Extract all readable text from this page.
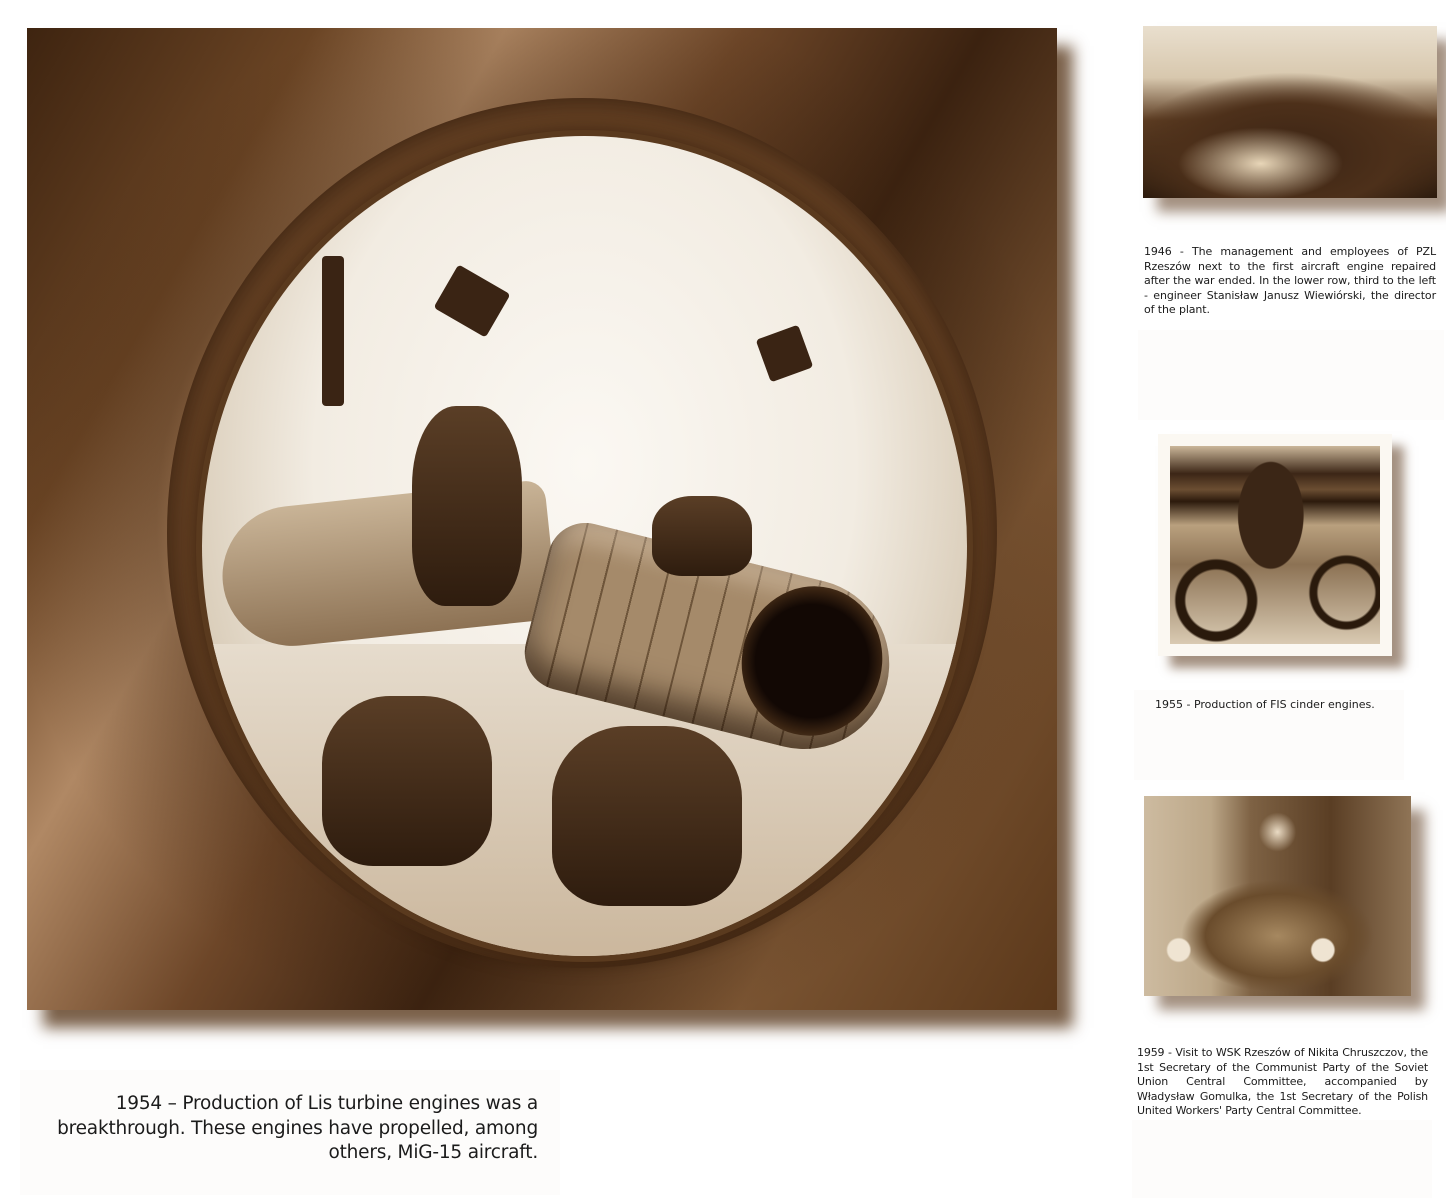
1954 – Production of Lis turbine engines was a breakthrough. These engines have propelled, among others, MiG-15 aircraft.

1946 - The management and employees of PZL Rzeszów next to the first aircraft engine repaired after the war ended. In the lower row, third to the left - engineer Stanisław Janusz Wiewiórski, the director of the plant.

1955 - Production of FIS cinder engines.

1959 - Visit to WSK Rzeszów of Nikita Chruszczov, the 1st Secretary of the Communist Party of the Soviet Union Central Committee, accompanied by Władysław Gomulka, the 1st Secretary of the Polish United Workers' Party Central Committee.
